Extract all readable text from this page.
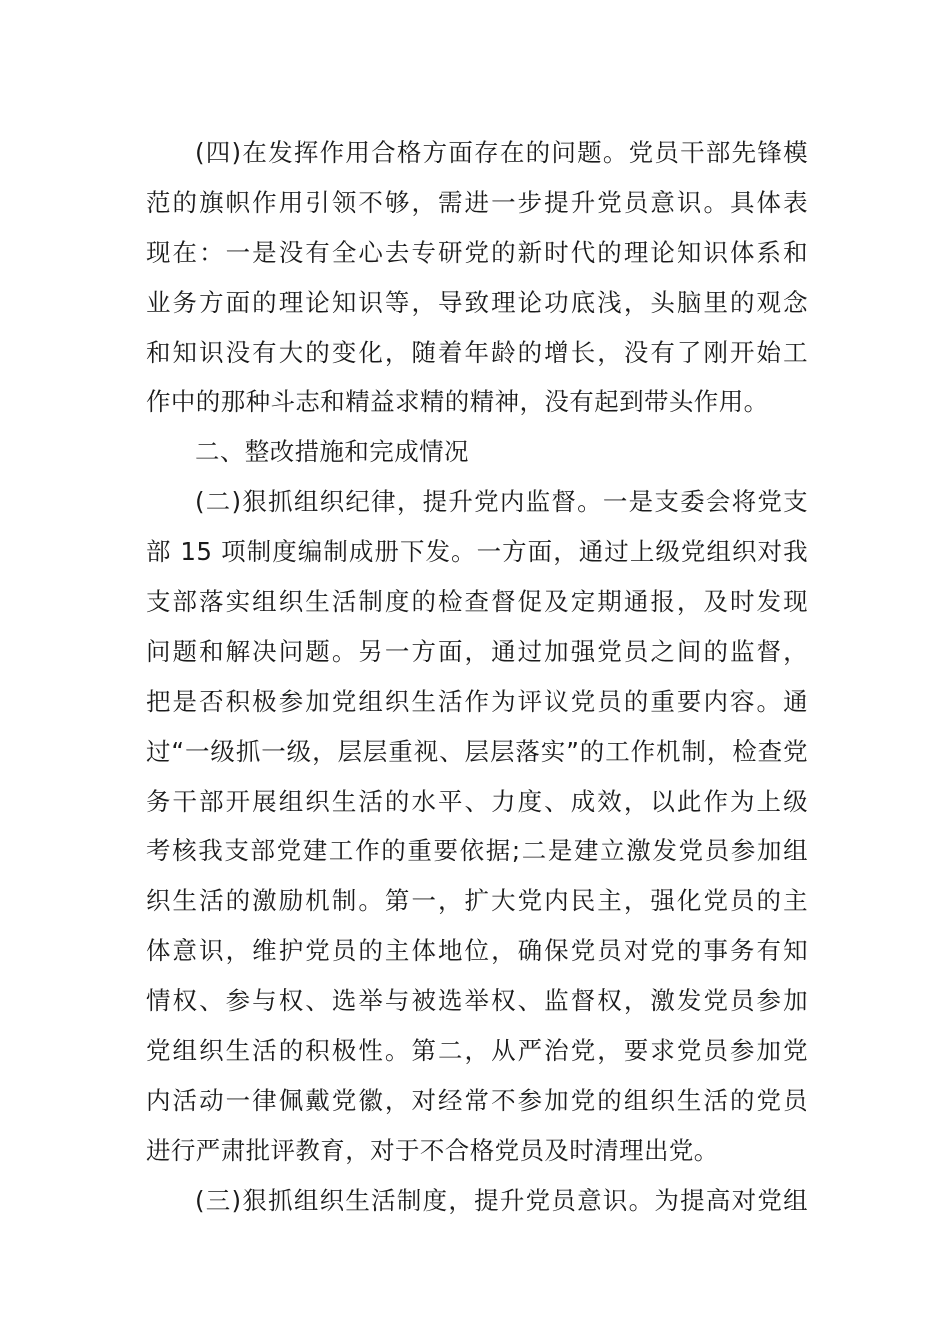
(四)在发挥作用合格方面存在的问题。党员干部先锋模
范的旗帜作用引领不够，需进一步提升党员意识。具体表
现在：一是没有全心去专研党的新时代的理论知识体系和
业务方面的理论知识等，导致理论功底浅，头脑里的观念
和知识没有大的变化，随着年龄的增长，没有了刚开始工
作中的那种斗志和精益求精的精神，没有起到带头作用。
二、整改措施和完成情况
(二)狠抓组织纪律，提升党内监督。一是支委会将党支
部 15 项制度编制成册下发。一方面，通过上级党组织对我
支部落实组织生活制度的检查督促及定期通报，及时发现
问题和解决问题。另一方面，通过加强党员之间的监督，
把是否积极参加党组织生活作为评议党员的重要内容。通
过“一级抓一级，层层重视、层层落实”的工作机制，检查党
务干部开展组织生活的水平、力度、成效，以此作为上级
考核我支部党建工作的重要依据;二是建立激发党员参加组
织生活的激励机制。第一，扩大党内民主，强化党员的主
体意识，维护党员的主体地位，确保党员对党的事务有知
情权、参与权、选举与被选举权、监督权，激发党员参加
党组织生活的积极性。第二，从严治党，要求党员参加党
内活动一律佩戴党徽，对经常不参加党的组织生活的党员
进行严肃批评教育，对于不合格党员及时清理出党。
(三)狠抓组织生活制度，提升党员意识。为提高对党组
